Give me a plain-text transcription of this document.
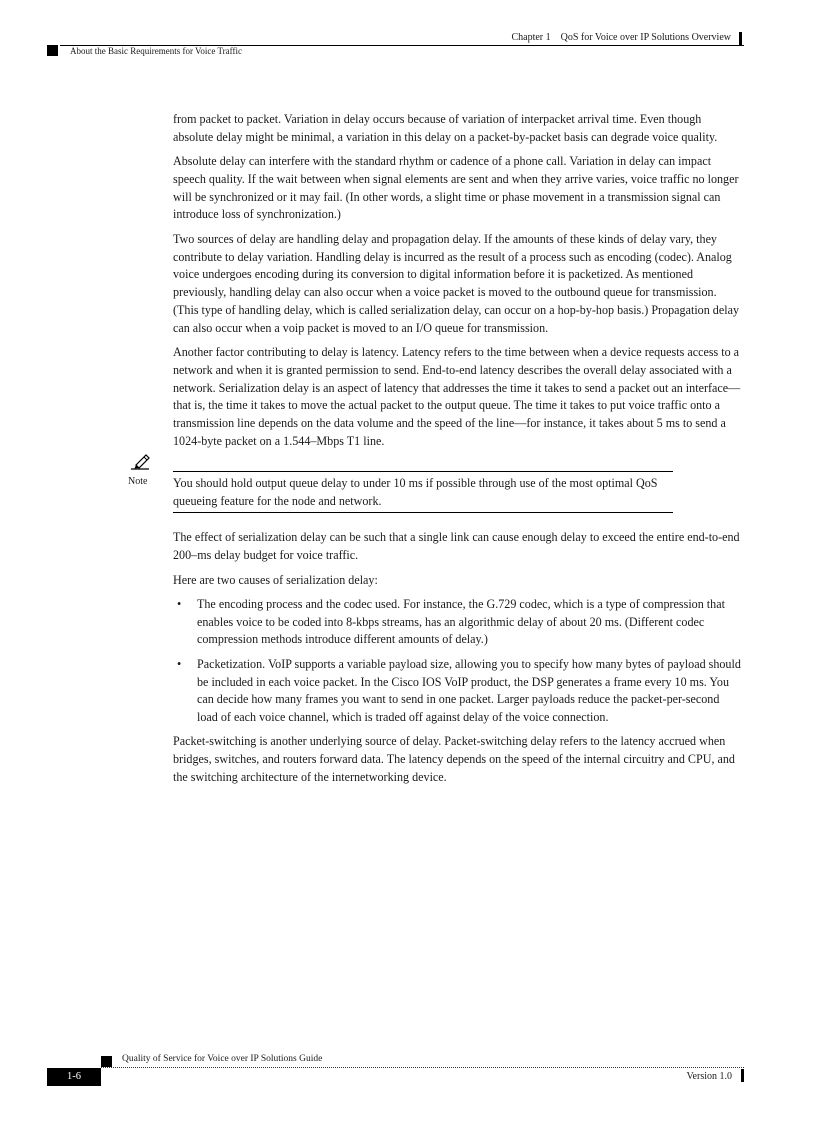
Chapter 1 QoS for Voice over IP Solutions Overview
About the Basic Requirements for Voice Traffic

from packet to packet. Variation in delay occurs because of variation of interpacket arrival time. Even though absolute delay might be minimal, a variation in this delay on a packet-by-packet basis can degrade voice quality.

Absolute delay can interfere with the standard rhythm or cadence of a phone call. Variation in delay can impact speech quality. If the wait between when signal elements are sent and when they arrive varies, voice traffic no longer will be synchronized or it may fail. (In other words, a slight time or phase movement in a transmission signal can introduce loss of synchronization.)

Two sources of delay are handling delay and propagation delay. If the amounts of these kinds of delay vary, they contribute to delay variation. Handling delay is incurred as the result of a process such as encoding (codec). Analog voice undergoes encoding during its conversion to digital information before it is packetized. As mentioned previously, handling delay can also occur when a voice packet is moved to the outbound queue for transmission. (This type of handling delay, which is called serialization delay, can occur on a hop-by-hop basis.) Propagation delay can also occur when a voip packet is moved to an I/O queue for transmission.

Another factor contributing to delay is latency. Latency refers to the time between when a device requests access to a network and when it is granted permission to send. End-to-end latency describes the overall delay associated with a network. Serialization delay is an aspect of latency that addresses the time it takes to send a packet out an interface—that is, the time it takes to move the actual packet to the output queue. The time it takes to put voice traffic onto a transmission line depends on the data volume and the speed of the line—for instance, it takes about 5 ms to send a 1024-byte packet on a 1.544–Mbps T1 line.

Note You should hold output queue delay to under 10 ms if possible through use of the most optimal QoS queueing feature for the node and network.

The effect of serialization delay can be such that a single link can cause enough delay to exceed the entire end-to-end 200–ms delay budget for voice traffic.

Here are two causes of serialization delay:

• The encoding process and the codec used. For instance, the G.729 codec, which is a type of compression that enables voice to be coded into 8-kbps streams, has an algorithmic delay of about 20 ms. (Different codec compression methods introduce different amounts of delay.)
• Packetization. VoIP supports a variable payload size, allowing you to specify how many bytes of payload should be included in each voice packet. In the Cisco IOS VoIP product, the DSP generates a frame every 10 ms. You can decide how many frames you want to send in one packet. Larger payloads reduce the packet-per-second load of each voice channel, which is traded off against delay of the voice connection.

Packet-switching is another underlying source of delay. Packet-switching delay refers to the latency accrued when bridges, switches, and routers forward data. The latency depends on the speed of the internal circuitry and CPU, and the switching architecture of the internetworking device.

Quality of Service for Voice over IP Solutions Guide
1-6	Version 1.0
